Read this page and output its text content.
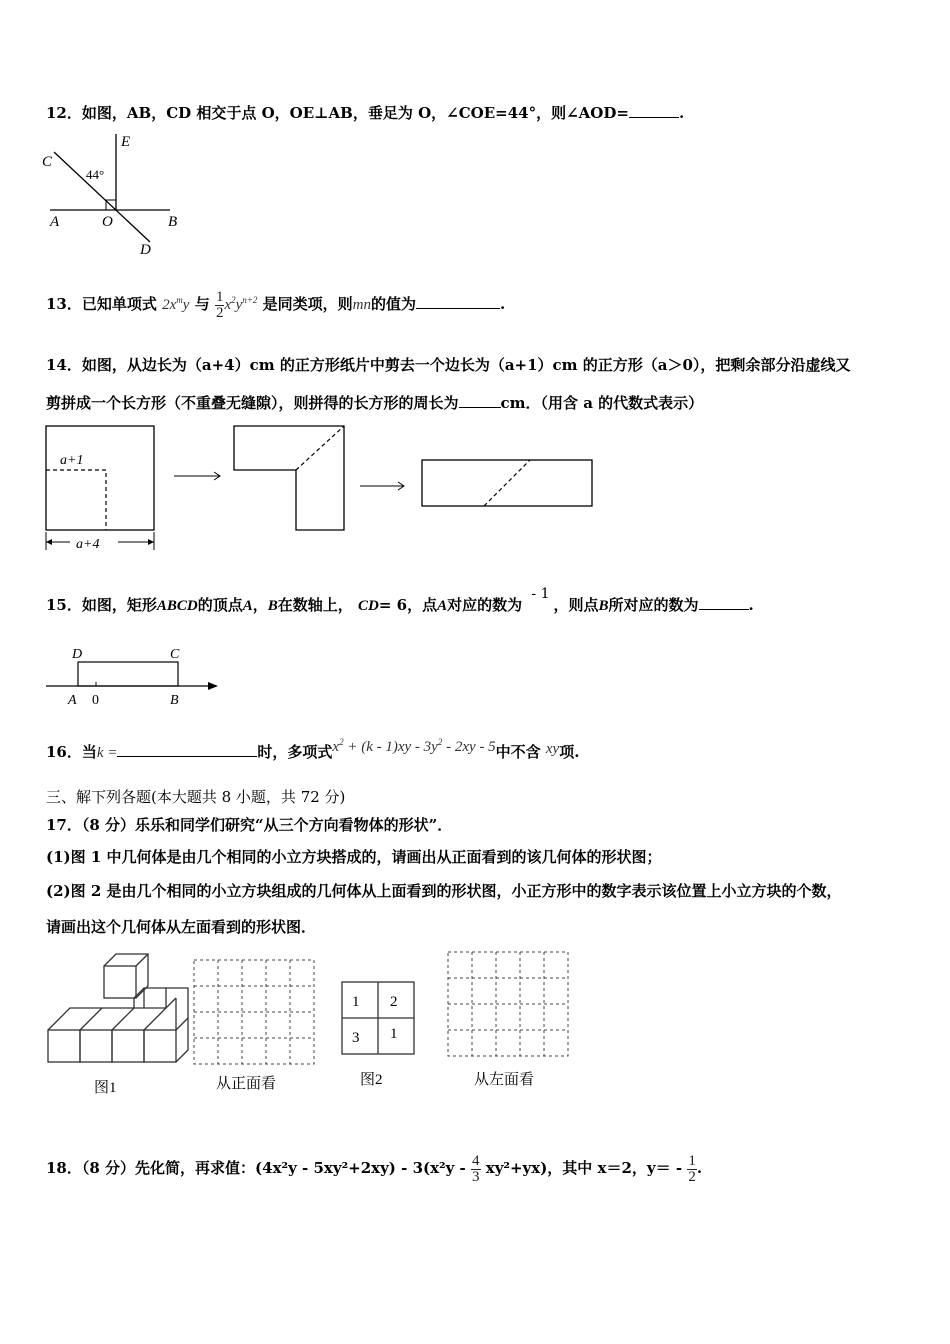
12．如图，AB，CD 相交于点 O，OE⊥AB，垂足为 O，∠COE=44°，则∠AOD=	.
C
E
44°
A	O	B
D
13．已知单项式 $2x^my$ 与 $\frac{1}{2} x^2y^{n+2}$ 是同类项，则mn的值为	.
14．如图，从边长为（a+4）cm 的正方形纸片中剪去一个边长为（a+1）cm 的正方形（a＞0），把剩余部分沿虚线又
剪拼成一个长方形（不重叠无缝隙），则拼得的长方形的周长为	cm．（用含 a 的代数式表示）
a+1
a+4
15．如图，矩形ABCD的顶点A，B在数轴上， CD= 6，点A对应的数为 - 1，则点B所对应的数为	.
D	C
A 0	B
16．当k =	时，多项式$x^2 + (k - 1)xy - 3y^2 - 2xy - 5$中不含 xy项.
三、解下列各题(本大题共 8 小题，共 72 分)
17．（8 分）乐乐和同学们研究“从三个方向看物体的形状”．
(1)图 1 中几何体是由几个相同的小立方块搭成的，请画出从正面看到的该几何体的形状图；
(2)图 2 是由几个相同的小立方块组成的几何体从上面看到的形状图，小正方形中的数字表示该位置上小立方块的个数，
请画出这个几何体从左面看到的形状图．
图1	从正面看
1 2
3 1
图2	从左面看
18．（8 分）先化简，再求值：$(4x^2y - 5xy^2+2xy) - 3(x^2y - \frac{4}{3} xy^2+yx)$，其中 x＝2，$y= - \frac{1}{2}$ .
